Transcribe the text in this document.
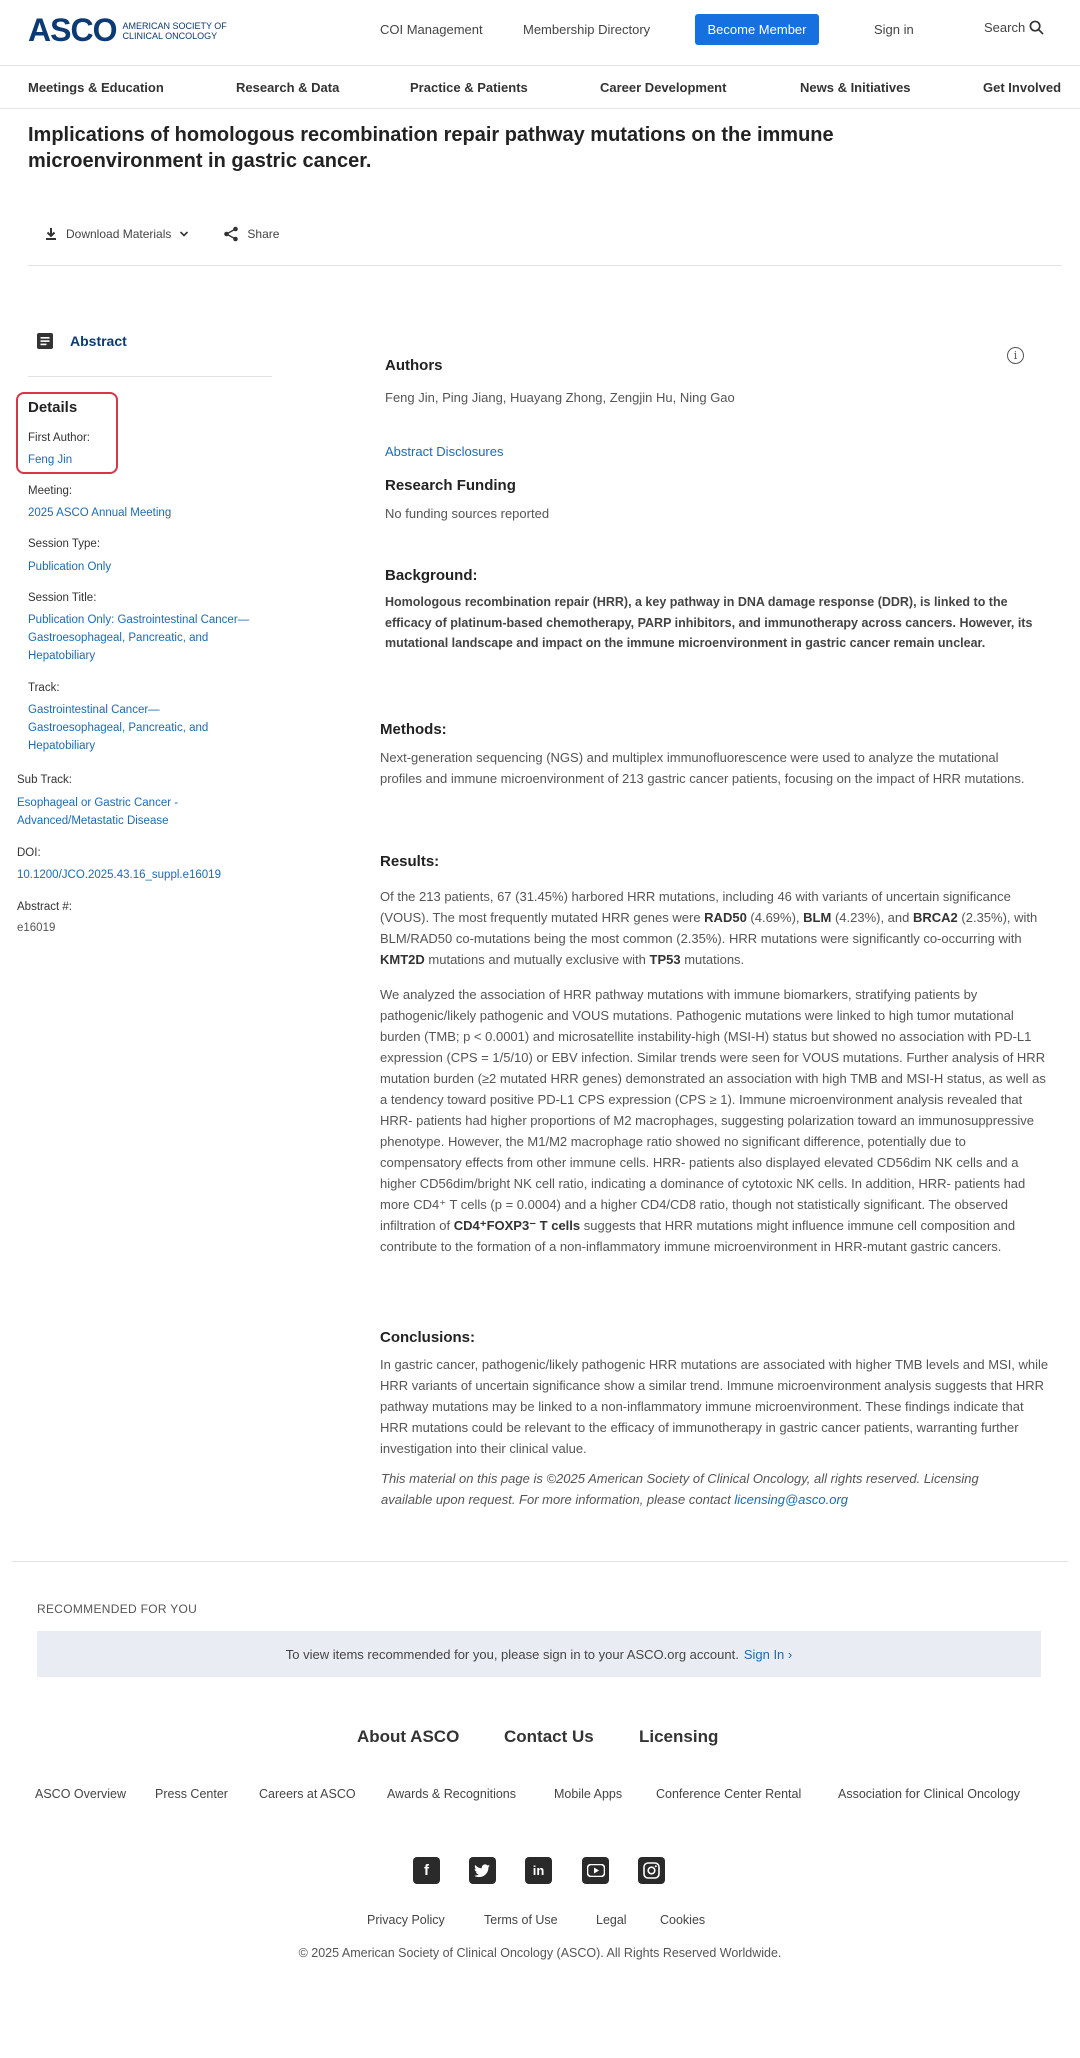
ASCO AMERICAN SOCIETY OF CLINICAL ONCOLOGY	COI Management	Membership Directory	Become Member	Sign in	Search
Meetings & Education	Research & Data	Practice & Patients	Career Development	News & Initiatives	Get Involved
Implications of homologous recombination repair pathway mutations on the immune microenvironment in gastric cancer.
Download Materials	Share
Abstract
Details
First Author:
Feng Jin
Meeting:
2025 ASCO Annual Meeting
Session Type:
Publication Only
Session Title:
Publication Only: Gastrointestinal Cancer—Gastroesophageal, Pancreatic, and Hepatobiliary
Track:
Gastrointestinal Cancer—Gastroesophageal, Pancreatic, and Hepatobiliary
Sub Track:
Esophageal or Gastric Cancer - Advanced/Metastatic Disease
DOI:
10.1200/JCO.2025.43.16_suppl.e16019
Abstract #:
e16019
i
Authors
Feng Jin, Ping Jiang, Huayang Zhong, Zengjin Hu, Ning Gao
Abstract Disclosures
Research Funding
No funding sources reported
Background:
Homologous recombination repair (HRR), a key pathway in DNA damage response (DDR), is linked to the efficacy of platinum-based chemotherapy, PARP inhibitors, and immunotherapy across cancers. However, its mutational landscape and impact on the immune microenvironment in gastric cancer remain unclear.
Methods:
Next-generation sequencing (NGS) and multiplex immunofluorescence were used to analyze the mutational profiles and immune microenvironment of 213 gastric cancer patients, focusing on the impact of HRR mutations.
Results:
Of the 213 patients, 67 (31.45%) harbored HRR mutations, including 46 with variants of uncertain significance (VOUS). The most frequently mutated HRR genes were RAD50 (4.69%), BLM (4.23%), and BRCA2 (2.35%), with BLM/RAD50 co-mutations being the most common (2.35%). HRR mutations were significantly co-occurring with KMT2D mutations and mutually exclusive with TP53 mutations.
We analyzed the association of HRR pathway mutations with immune biomarkers, stratifying patients by pathogenic/likely pathogenic and VOUS mutations. Pathogenic mutations were linked to high tumor mutational burden (TMB; p < 0.0001) and microsatellite instability-high (MSI-H) status but showed no association with PD-L1 expression (CPS = 1/5/10) or EBV infection. Similar trends were seen for VOUS mutations. Further analysis of HRR mutation burden (≥2 mutated HRR genes) demonstrated an association with high TMB and MSI-H status, as well as a tendency toward positive PD-L1 CPS expression (CPS ≥ 1). Immune microenvironment analysis revealed that HRR- patients had higher proportions of M2 macrophages, suggesting polarization toward an immunosuppressive phenotype. However, the M1/M2 macrophage ratio showed no significant difference, potentially due to compensatory effects from other immune cells. HRR- patients also displayed elevated CD56dim NK cells and a higher CD56dim/bright NK cell ratio, indicating a dominance of cytotoxic NK cells. In addition, HRR- patients had more CD4⁺ T cells (p = 0.0004) and a higher CD4/CD8 ratio, though not statistically significant. The observed infiltration of CD4⁺FOXP3⁻ T cells suggests that HRR mutations might influence immune cell composition and contribute to the formation of a non-inflammatory immune microenvironment in HRR-mutant gastric cancers.
Conclusions:
In gastric cancer, pathogenic/likely pathogenic HRR mutations are associated with higher TMB levels and MSI, while HRR variants of uncertain significance show a similar trend. Immune microenvironment analysis suggests that HRR pathway mutations may be linked to a non-inflammatory immune microenvironment. These findings indicate that HRR mutations could be relevant to the efficacy of immunotherapy in gastric cancer patients, warranting further investigation into their clinical value.
This material on this page is ©2025 American Society of Clinical Oncology, all rights reserved. Licensing available upon request. For more information, please contact licensing@asco.org
RECOMMENDED FOR YOU
To view items recommended for you, please sign in to your ASCO.org account. Sign In ›
About ASCO	Contact Us	Licensing
ASCO Overview Press Center Careers at ASCO	Awards & Recognitions	Mobile Apps	Conference Center Rental	Association for Clinical Oncology
f	in
Privacy Policy	Terms of Use	Legal	Cookies
© 2025 American Society of Clinical Oncology (ASCO). All Rights Reserved Worldwide.
